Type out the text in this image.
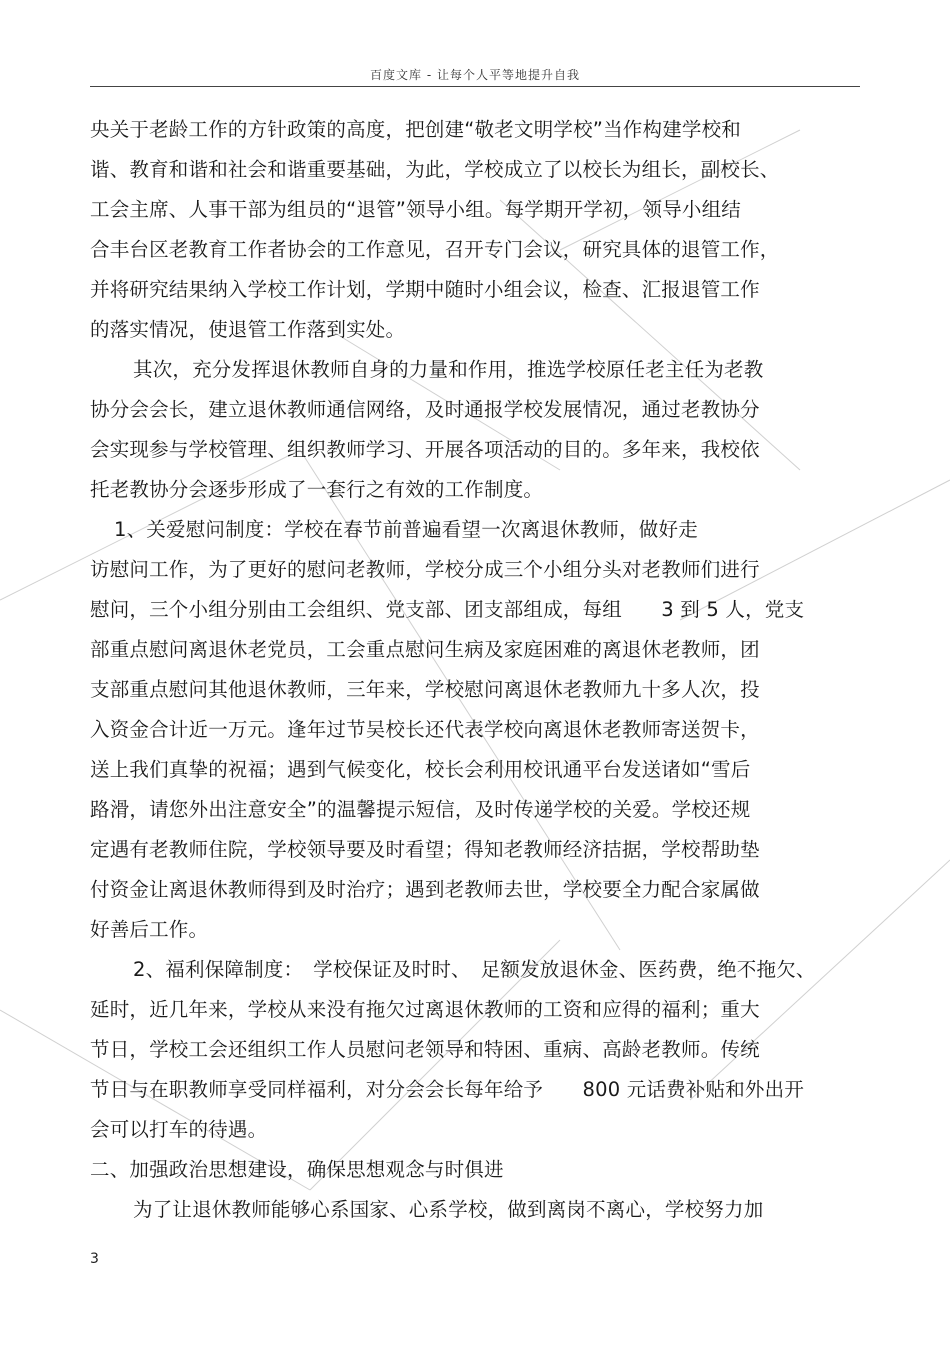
百度文库 - 让每个人平等地提升自我
央关于老龄工作的方针政策的高度，把创建“敬老文明学校”当作构建学校和
谐、教育和谐和社会和谐重要基础，为此，学校成立了以校长为组长，副校长、
工会主席、人事干部为组员的“退管”领导小组。每学期开学初，领导小组结
合丰台区老教育工作者协会的工作意见，召开专门会议，研究具体的退管工作，
并将研究结果纳入学校工作计划，学期中随时小组会议，检查、汇报退管工作
的落实情况，使退管工作落到实处。
其次，充分发挥退休教师自身的力量和作用，推选学校原任老主任为老教
协分会会长，建立退休教师通信网络，及时通报学校发展情况，通过老教协分
会实现参与学校管理、组织教师学习、开展各项活动的目的。多年来，我校依
托老教协分会逐步形成了一套行之有效的工作制度。
1、关爱慰问制度：学校在春节前普遍看望一次离退休教师，做好走
访慰问工作，为了更好的慰问老教师，学校分成三个小组分头对老教师们进行
慰问，三个小组分别由工会组织、党支部、团支部组成，每组　　3 到 5 人，党支
部重点慰问离退休老党员，工会重点慰问生病及家庭困难的离退休老教师，团
支部重点慰问其他退休教师，三年来，学校慰问离退休老教师九十多人次，投
入资金合计近一万元。逢年过节吴校长还代表学校向离退休老教师寄送贺卡，
送上我们真挚的祝福；遇到气候变化，校长会利用校讯通平台发送诸如“雪后
路滑，请您外出注意安全”的温馨提示短信，及时传递学校的关爱。学校还规
定遇有老教师住院，学校领导要及时看望；得知老教师经济拮据，学校帮助垫
付资金让离退休教师得到及时治疗；遇到老教师去世，学校要全力配合家属做
好善后工作。
2、福利保障制度：　学校保证及时时、　足额发放退休金、医药费，绝不拖欠、
延时，近几年来，学校从来没有拖欠过离退休教师的工资和应得的福利；重大
节日，学校工会还组织工作人员慰问老领导和特困、重病、高龄老教师。传统
节日与在职教师享受同样福利，对分会会长每年给予　　800 元话费补贴和外出开
会可以打车的待遇。
二、加强政治思想建设，确保思想观念与时俱进
为了让退休教师能够心系国家、心系学校，做到离岗不离心，学校努力加
3
